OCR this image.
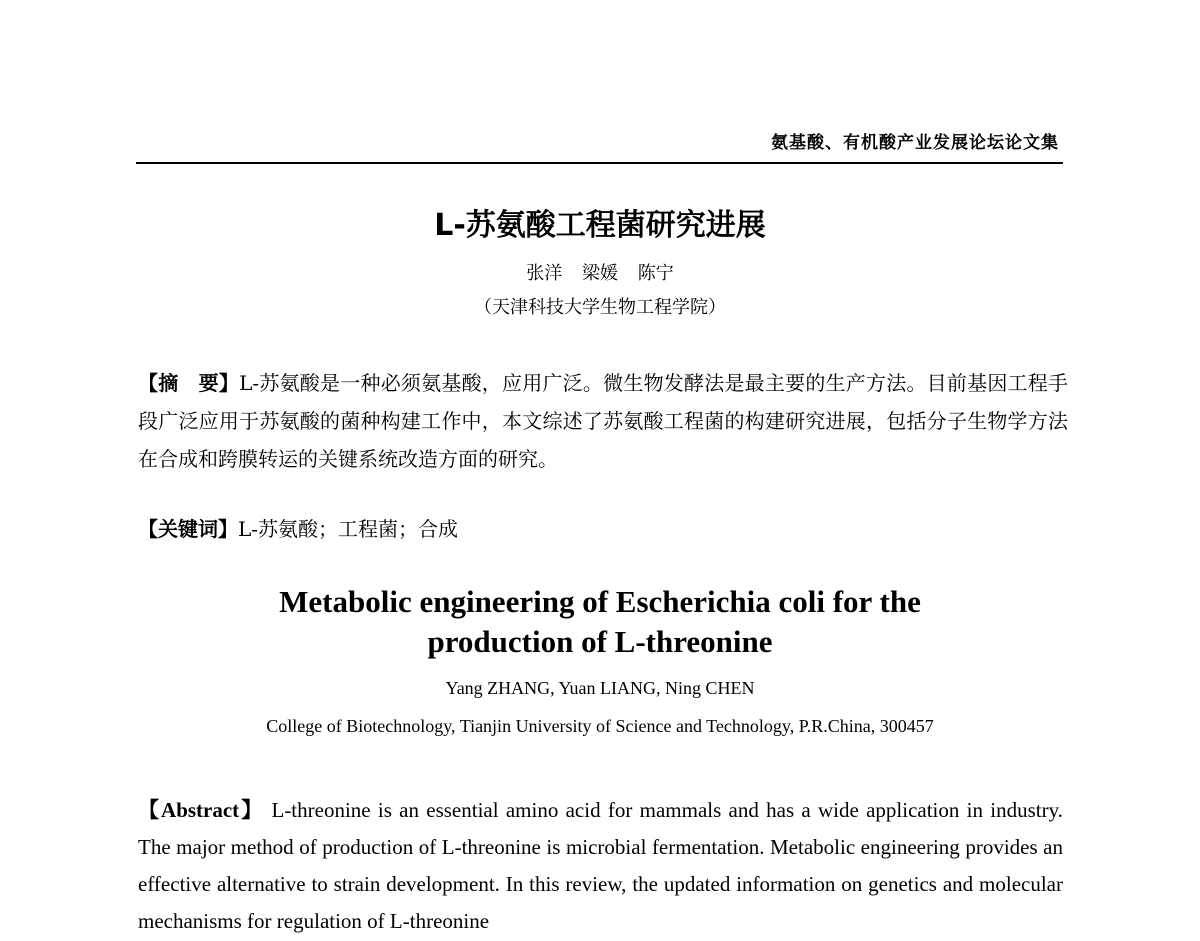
氨基酸、有机酸产业发展论坛论文集
L-苏氨酸工程菌研究进展
张洋 梁媛 陈宁
（天津科技大学生物工程学院）

【摘　要】L-苏氨酸是一种必须氨基酸，应用广泛。微生物发酵法是最主要的生产方法。目前基因工程手段广泛应用于苏氨酸的菌种构建工作中，本文综述了苏氨酸工程菌的构建研究进展，包括分子生物学方法在合成和跨膜转运的关键系统改造方面的研究。

【关键词】L-苏氨酸；工程菌；合成
Metabolic engineering of Escherichia coli for the
production of L-threonine
Yang ZHANG, Yuan LIANG, Ning CHEN
College of Biotechnology, Tianjin University of Science and Technology, P.R.China, 300457

【Abstract】 L-threonine is an essential amino acid for mammals and has a wide application in industry. The major method of production of L-threonine is microbial fermentation. Metabolic engineering provides an effective alternative to strain development. In this review, the updated information on genetics and molecular mechanisms for regulation of L-threonine
